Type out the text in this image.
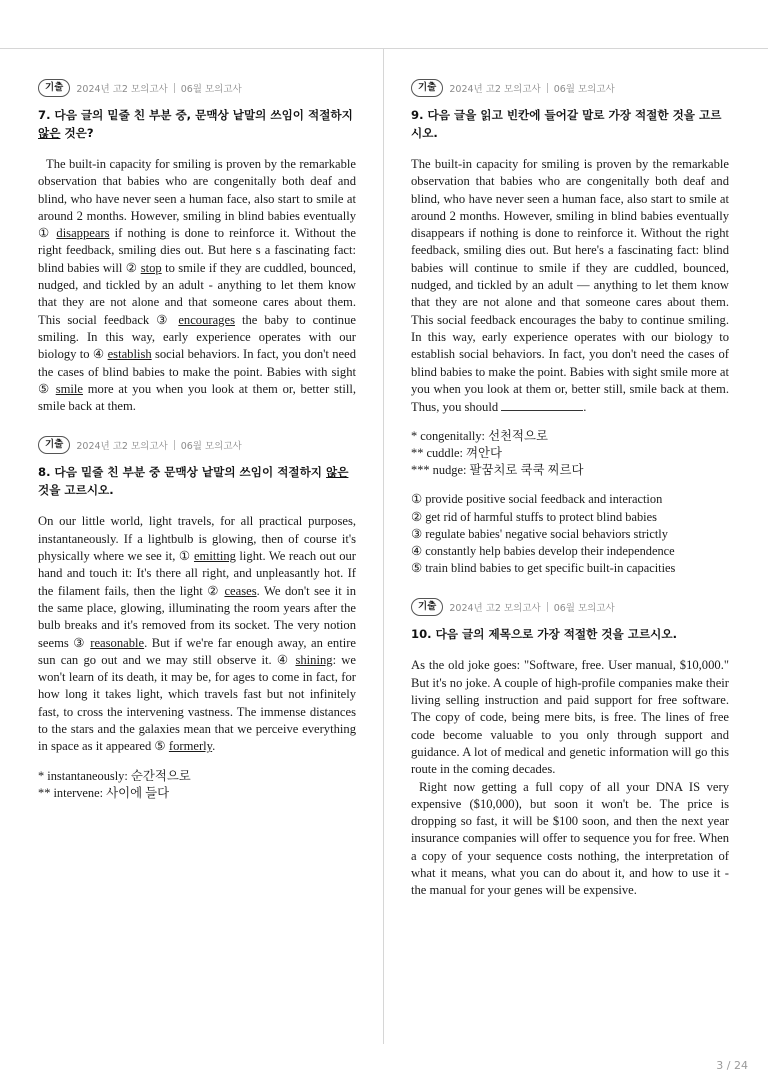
기출	2024년 고2 모의고사 06월 모의고사
7. 다음 글의 밑줄 친 부분 중, 문맥상 낱말의 쓰임이 적절하지 않은 것은?

The built-in capacity for smiling is proven by the remarkable observation that babies who are congenitally both deaf and blind, who have never seen a human face, also start to smile at around 2 months. However, smiling in blind babies eventually ① disappears if nothing is done to reinforce it. Without the right feedback, smiling dies out. But here s a fascinating fact: blind babies will ② stop to smile if they are cuddled, bounced, nudged, and tickled by an adult - anything to let them know that they are not alone and that someone cares about them. This social feedback ③ encourages the baby to continue smiling. In this way, early experience operates with our biology to ④ establish social behaviors. In fact, you don't need the cases of blind babies to make the point. Babies with sight ⑤ smile more at you when you look at them or, better still, smile back at them.

기출	2024년 고2 모의고사 06월 모의고사
8. 다음 밑줄 친 부분 중 문맥상 낱말의 쓰임이 적절하지 않은 것을 고르시오.

On our little world, light travels, for all practical purposes, instantaneously. If a lightbulb is glowing, then of course it's physically where we see it, ① emitting light. We reach out our hand and touch it: It's there all right, and unpleasantly hot. If the filament fails, then the light ② ceases. We don't see it in the same place, glowing, illuminating the room years after the bulb breaks and it's removed from its socket. The very notion seems ③ reasonable. But if we're far enough away, an entire sun can go out and we may still observe it. ④ shining: we won't learn of its death, it may be, for ages to come in fact, for how long it takes light, which travels fast but not infinitely fast, to cross the intervening vastness. The immense distances to the stars and the galaxies mean that we perceive everything in space as it appeared ⑤ formerly.

* instantaneously: 순간적으로
** intervene: 사이에 들다
기출	2024년 고2 모의고사 06월 모의고사
9. 다음 글을 읽고 빈칸에 들어갈 말로 가장 적절한 것을 고르시오.

The built-in capacity for smiling is proven by the remarkable observation that babies who are congenitally both deaf and blind, who have never seen a human face, also start to smile at around 2 months. However, smiling in blind babies eventually disappears if nothing is done to reinforce it. Without the right feedback, smiling dies out. But here's a fascinating fact: blind babies will continue to smile if they are cuddled, bounced, nudged, and tickled by an adult — anything to let them know that they are not alone and that someone cares about them. This social feedback encourages the baby to continue smiling. In this way, early experience operates with our biology to establish social behaviors. In fact, you don't need the cases of blind babies to make the point. Babies with sight smile more at you when you look at them or, better still, smile back at them. Thus, you should	.

* congenitally: 선천적으로
** cuddle: 껴안다
*** nudge: 팔꿈치로 쿡쿡 찌르다
① provide positive social feedback and interaction
② get rid of harmful stuffs to protect blind babies
③ regulate babies' negative social behaviors strictly
④ constantly help babies develop their independence
⑤ train blind babies to get specific built-in capacities
기출	2024년 고2 모의고사 06월 모의고사
10. 다음 글의 제목으로 가장 적절한 것을 고르시오.

As the old joke goes: "Software, free. User manual, $10,000." But it's no joke. A couple of high-profile companies make their living selling instruction and paid support for free software. The copy of code, being mere bits, is free. The lines of free code become valuable to you only through support and guidance. A lot of medical and genetic information will go this route in the coming decades.

Right now getting a full copy of all your DNA IS very expensive ($10,000), but soon it won't be. The price is dropping so fast, it will be $100 soon, and then the next year insurance companies will offer to sequence you for free. When a copy of your sequence costs nothing, the interpretation of what it means, what you can do about it, and how to use it - the manual for your genes will be expensive.

3 / 24
